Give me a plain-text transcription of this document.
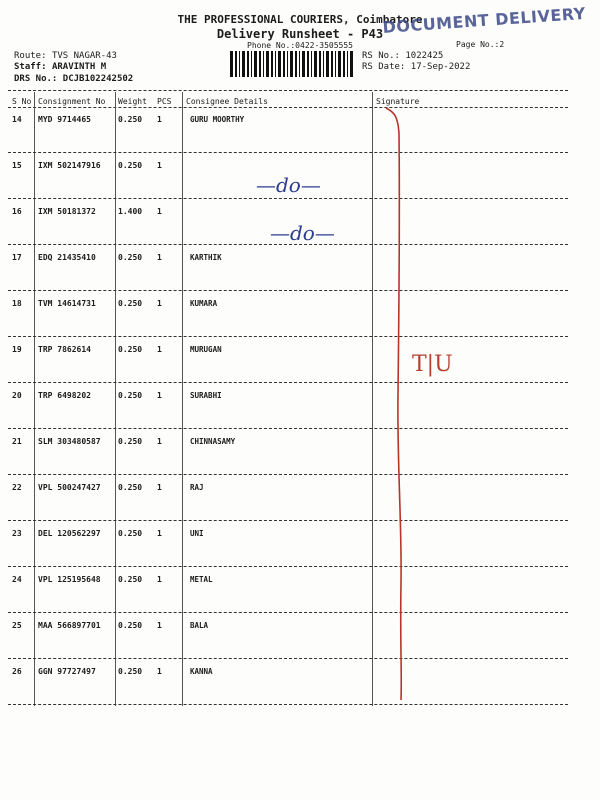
THE PROFESSIONAL COURIERS, Coimbatore
Delivery Runsheet - P43
Phone No.:0422-3505555
Route: TVS NAGAR-43
Staff: ARAVINTH M
DRS No.: DCJB102242502
RS No.: 1022425
RS Date: 17-Sep-2022
DOCUMENT DELIVERY
Page No.:2
S No Consignment No Weight PCS Consignee Details	Signature
14 MYD 9714465	0.250 1	GURU MOORTHY
15 IXM 502147916 0.250 1
16 IXM 50181372	1.400 1
17 EDQ 21435410	0.250 1	KARTHIK
18 TVM 14614731	0.250 1	KUMARA
19 TRP 7862614	0.250 1	MURUGAN
20 TRP 6498202	0.250 1	SURABHI
21 SLM 303480587 0.250 1	CHINNASAMY
22 VPL 500247427 0.250 1	RAJ
23 DEL 120562297 0.250 1	UNI
24 VPL 125195648 0.250 1	METAL
25 MAA 566897701 0.250 1	BALA
26 GGN 97727497	0.250 1	KANNA
—do—
—do—
T|U
